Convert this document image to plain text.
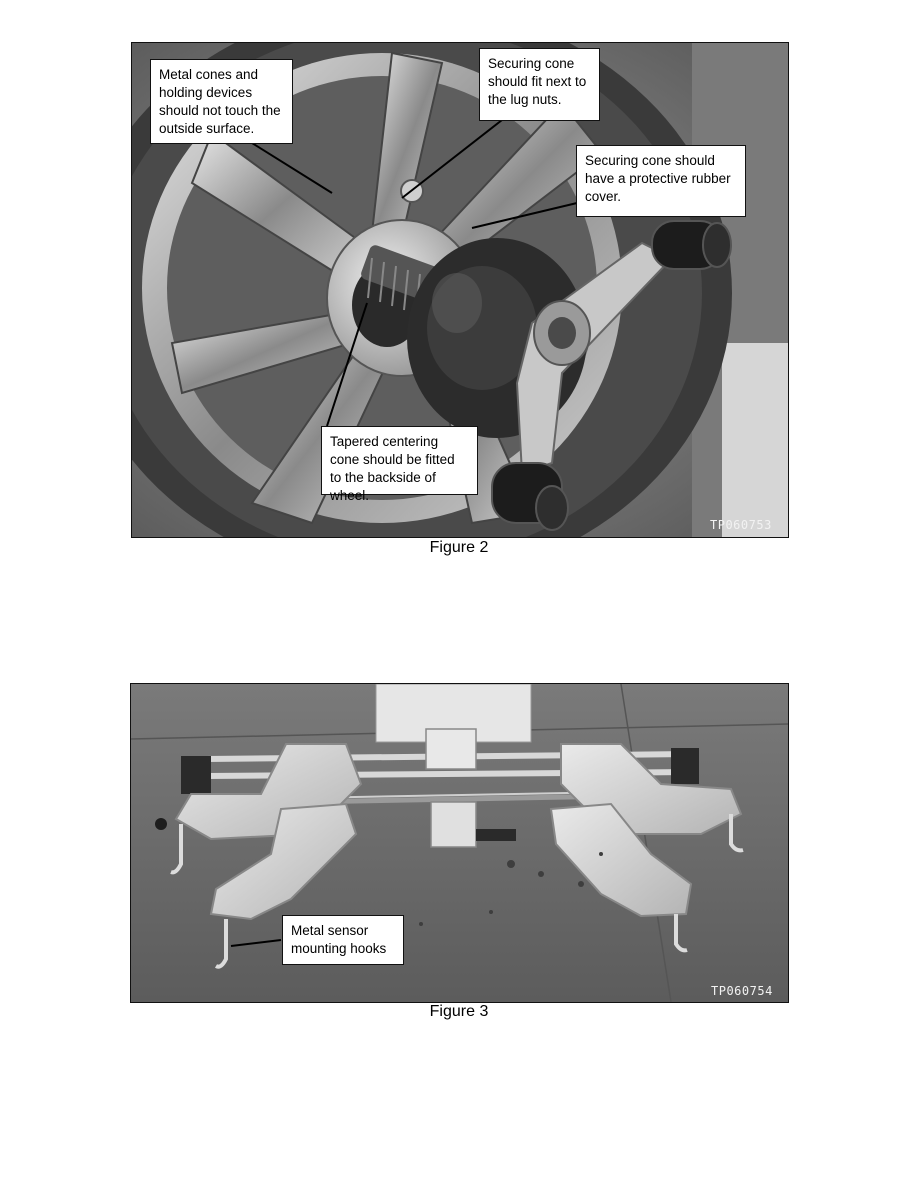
Metal cones and holding devices should not touch the outside surface.
Securing cone should fit next to the lug nuts.
Securing cone should have a protective rubber cover.
Tapered centering cone should be fitted to the backside of wheel.
TP060753
Figure 2
Metal sensor mounting hooks
TP060754
Figure 3
